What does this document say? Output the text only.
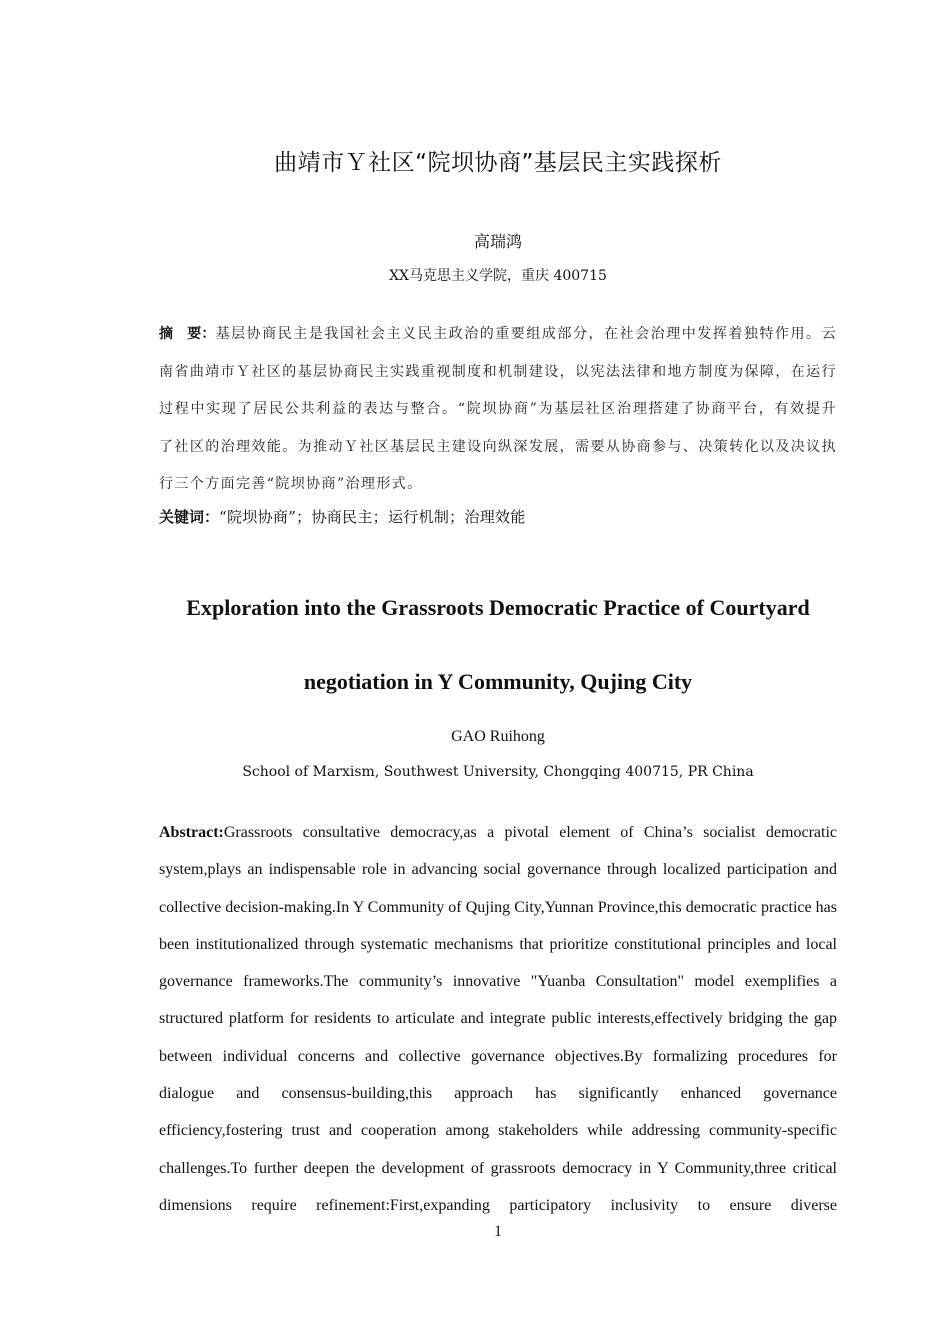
曲靖市Ｙ社区“院坝协商”基层民主实践探析
高瑞鸿
XX马克思主义学院，重庆 400715
摘　要：基层协商民主是我国社会主义民主政治的重要组成部分，在社会治理中发挥着独特作用。云南省曲靖市Ｙ社区的基层协商民主实践重视制度和机制建设，以宪法法律和地方制度为保障，在运行过程中实现了居民公共利益的表达与整合。“院坝协商”为基层社区治理搭建了协商平台，有效提升了社区的治理效能。为推动Ｙ社区基层民主建设向纵深发展，需要从协商参与、决策转化以及决议执行三个方面完善“院坝协商”治理形式。
关键词：“院坝协商”；协商民主；运行机制；治理效能
Exploration into the Grassroots Democratic Practice of Courtyard
negotiation in Y Community, Qujing City
GAO Ruihong
School of Marxism, Southwest University, Chongqing 400715, PR China
Abstract:Grassroots consultative democracy,as a pivotal element of China’s socialist democratic system,plays an indispensable role in advancing social governance through localized participation and collective decision-making.In Y Community of Qujing City,Yunnan Province,this democratic practice has been institutionalized through systematic mechanisms that prioritize constitutional principles and local governance frameworks.The community’s innovative "Yuanba Consultation" model exemplifies a structured platform for residents to articulate and integrate public interests,effectively bridging the gap between individual concerns and collective governance objectives.By formalizing procedures for dialogue and consensus-building,this approach has significantly enhanced governance efficiency,fostering trust and cooperation among stakeholders while addressing community-specific challenges.To further deepen the development of grassroots democracy in Y Community,three critical dimensions require refinement:First,expanding participatory inclusivity to ensure diverse
1
